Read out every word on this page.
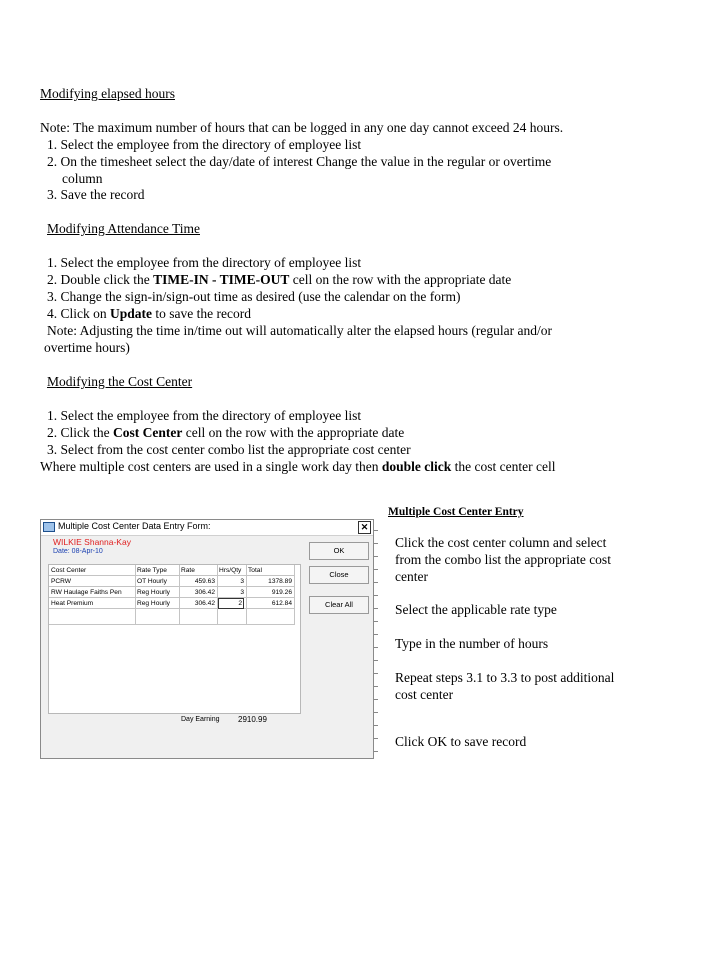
Modifying elapsed hours
Note: The maximum number of hours that can be logged in any one day cannot exceed 24 hours.
1. Select the employee from the directory of employee list
2. On the timesheet select the day/date of interest Change the value in the regular or overtime
column
3. Save the record
Modifying Attendance Time
1. Select the employee from the directory of employee list
2. Double click the TIME-IN - TIME-OUT cell on the row with the appropriate date
3. Change the sign-in/sign-out time as desired (use the calendar on the form)
4. Click on Update to save the record
Note: Adjusting the time in/time out will automatically alter the elapsed hours (regular and/or
overtime hours)
Modifying the Cost Center
1. Select the employee from the directory of employee list
2. Click the Cost Center cell on the row with the appropriate date
3. Select from the cost center combo list the appropriate cost center
Where multiple cost centers are used in a single work day then double click the cost center cell
Multiple Cost Center Data Entry Form:	✕
WILKIE Shanna-Kay
Date: 08-Apr-10
Cost Center	Rate Type	Rate	Hrs/Qty	Total
PCRW	OT Hourly	459.63	3	1378.89
RW Haulage Faiths Pen	Reg Hourly	306.42	3	919.26
Heat Premium	Reg Hourly	306.42	2	612.84
OK
Close
Clear All
Day Earning 2910.99
Multiple Cost Center Entry
Click the cost center column and select
from the combo list the appropriate cost
center
Select the applicable rate type
Type in the number of hours
Repeat steps 3.1 to 3.3 to post additional
cost center
Click OK to save record
